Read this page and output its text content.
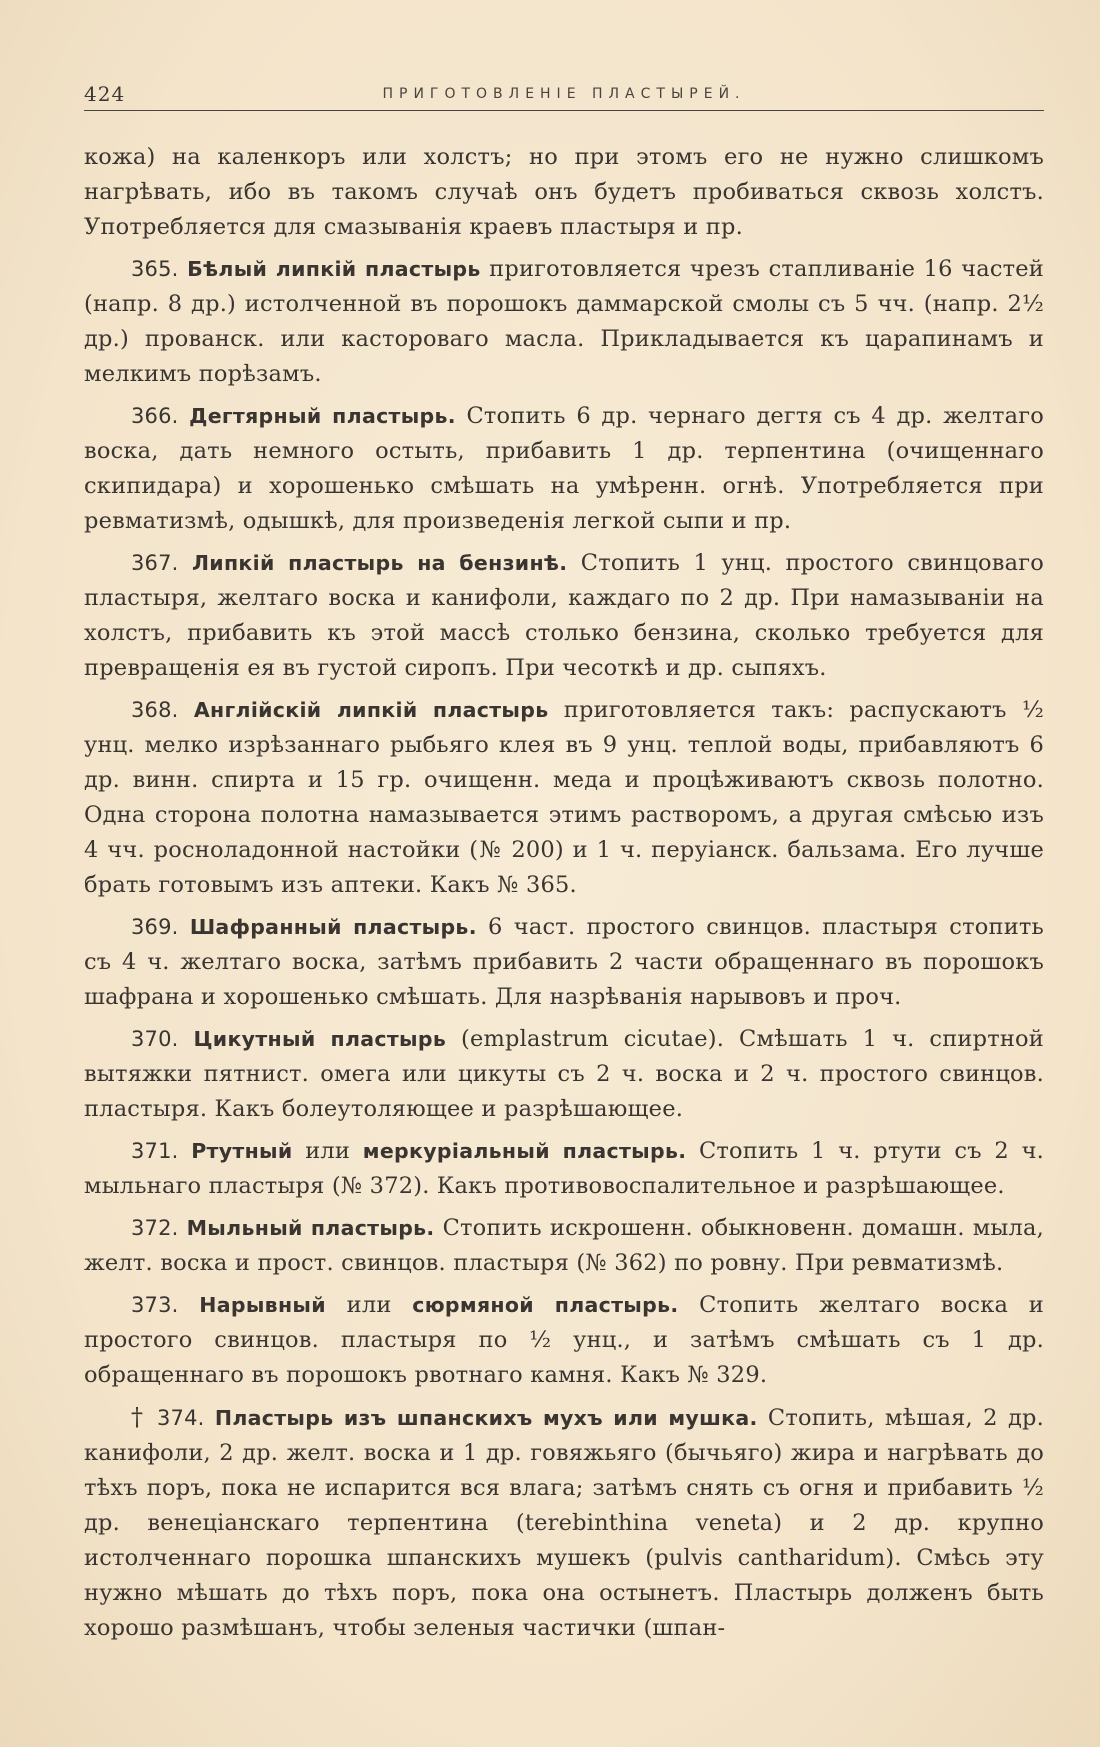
424	ПРИГОТОВЛЕНІЕ ПЛАСТЫРЕЙ.

кожа) на каленкоръ или холстъ; но при этомъ его не нужно слишкомъ нагрѣвать, ибо въ такомъ случаѣ онъ будетъ пробиваться сквозь холстъ. Употребляется для смазыванія краевъ пластыря и пр.

365. Бѣлый липкій пластырь приготовляется чрезъ стапливаніе 16 частей (напр. 8 др.) истолченной въ порошокъ даммарской смолы съ 5 чч. (напр. 2½ др.) прованск. или касторовагo масла. Прикладывается къ царапинамъ и мелкимъ порѣзамъ.

366. Дегтярный пластырь. Стопить 6 др. чернаго дегтя съ 4 др. желтаго воска, дать немного остыть, прибавить 1 др. терпентина (очищеннаго скипидара) и хорошенько смѣшать на умѣренн. огнѣ. Употребляется при ревматизмѣ, одышкѣ, для произведенія легкой сыпи и пр.

367. Липкій пластырь на бензинѣ. Стопить 1 унц. простого свинцоваго пластыря, желтаго воска и канифоли, каждаго по 2 др. При намазываніи на холстъ, прибавить къ этой массѣ столько бензина, сколько требуется для превращенія ея въ густой сиропъ. При чесоткѣ и др. сыпяхъ.

368. Англійскій липкій пластырь приготовляется такъ: распускаютъ ½ унц. мелко изрѣзаннаго рыбьяго клея въ 9 унц. теплой воды, прибавляютъ 6 др. винн. спирта и 15 гр. очищенн. меда и процѣживаютъ сквозь полотно. Одна сторона полотна намазывается этимъ растворомъ, а другая смѣсью изъ 4 чч. росноладонной настойки (№ 200) и 1 ч. перуіанск. бальзама. Его лучше брать готовымъ изъ аптеки. Какъ № 365.

369. Шафранный пластырь. 6 част. простого свинцов. пластыря стопить съ 4 ч. желтаго воска, затѣмъ прибавить 2 части обращеннаго въ порошокъ шафрана и хорошенько смѣшать. Для назрѣванія нарывовъ и проч.

370. Цикутный пластырь (emplastrum cicutae). Смѣшать 1 ч. спиртной вытяжки пятнист. омега или цикуты съ 2 ч. воска и 2 ч. простого свинцов. пластыря. Какъ болеутоляющее и разрѣшающее.

371. Ртутный или меркуріальный пластырь. Стопить 1 ч. ртути съ 2 ч. мыльнаго пластыря (№ 372). Какъ противовоспалительное и разрѣшающее.

372. Мыльный пластырь. Стопить искрошенн. обыкновенн. домашн. мыла, желт. воска и прост. свинцов. пластыря (№ 362) по ровну. При ревматизмѣ.

373. Нарывный или сюрмяной пластырь. Стопить желтаго воска и простого свинцов. пластыря по ½ унц., и затѣмъ смѣшать съ 1 др. обращеннаго въ порошокъ рвотнаго камня. Какъ № 329.

† 374. Пластырь изъ шпанскихъ мухъ или мушка. Стопить, мѣшая, 2 др. канифоли, 2 др. желт. воска и 1 др. говяжьяго (бычьяго) жира и нагрѣвать до тѣхъ поръ, пока не испарится вся влага; затѣмъ снять съ огня и прибавить ½ др. венеціанскаго терпентина (terebinthina veneta) и 2 др. крупно истолченнаго порошка шпанскихъ мушекъ (pulvis cantharidum). Смѣсь эту нужно мѣшать до тѣхъ поръ, пока она остынетъ. Пластырь долженъ быть хорошо размѣшанъ, чтобы зеленыя частички (шпан-
